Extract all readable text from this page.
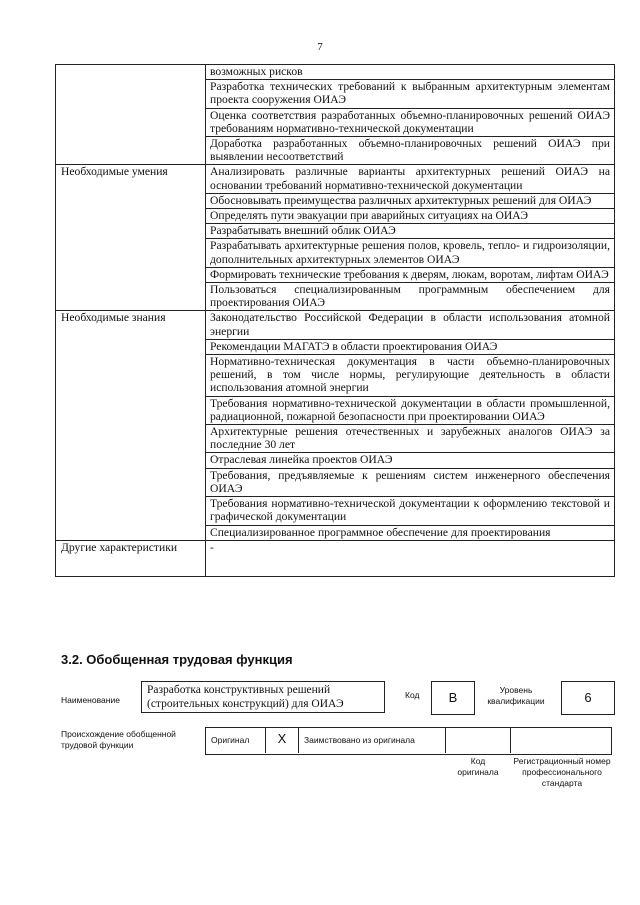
7
	возможных рисков
	Разработка технических требований к выбранным архитектурным элементам проекта сооружения ОИАЭ
	Оценка соответствия разработанных объемно-планировочных решений ОИАЭ требованиям нормативно-технической документации
	Доработка разработанных объемно-планировочных решений ОИАЭ при выявлении несоответствий
Необходимые умения	Анализировать различные варианты архитектурных решений ОИАЭ на основании требований нормативно-технической документации
	Обосновывать преимущества различных архитектурных решений для ОИАЭ
	Определять пути эвакуации при аварийных ситуациях на ОИАЭ
	Разрабатывать внешний облик ОИАЭ
	Разрабатывать архитектурные решения полов, кровель, тепло- и гидроизоляции, дополнительных архитектурных элементов ОИАЭ
	Формировать технические требования к дверям, люкам, воротам, лифтам ОИАЭ
	Пользоваться специализированным программным обеспечением для проектирования ОИАЭ
Необходимые знания	Законодательство Российской Федерации в области использования атомной энергии
	Рекомендации МАГАТЭ в области проектирования ОИАЭ
	Нормативно-техническая документация в части объемно-планировочных решений, в том числе нормы, регулирующие деятельность в области использования атомной энергии
	Требования нормативно-технической документации в области промышленной, радиационной, пожарной безопасности при проектировании ОИАЭ
	Архитектурные решения отечественных и зарубежных аналогов ОИАЭ за последние 30 лет
	Отраслевая линейка проектов ОИАЭ
	Требования, предъявляемые к решениям систем инженерного обеспечения ОИАЭ
	Требования нормативно-технической документации к оформлению текстовой и графической документации
	Специализированное программное обеспечение для проектирования
Другие характеристики	-
3.2. Обобщенная трудовая функция
Наименование
Разработка конструктивных решений (строительных конструкций) для ОИАЭ
Код	B	Уровень квалификации	6
Происхождение обобщенной трудовой функции	Оригинал	X	Заимствовано из оригинала
Код оригинала
Регистрационный номер профессионального стандарта
